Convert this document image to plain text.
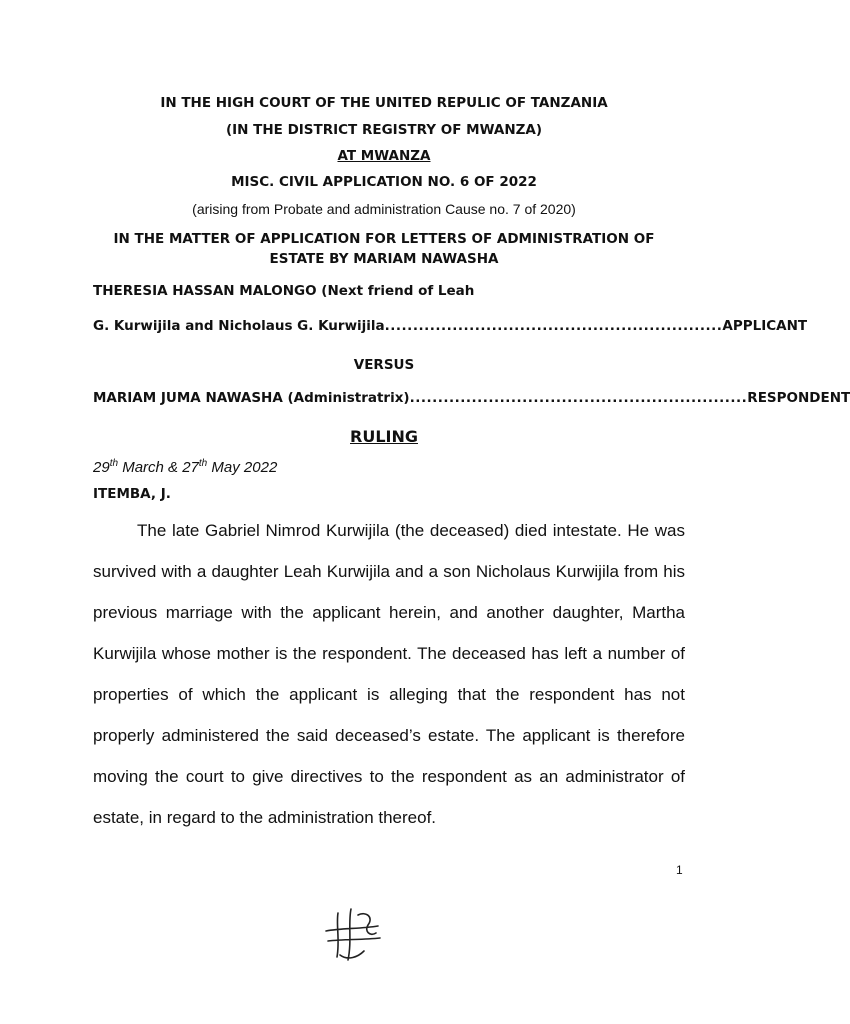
IN THE HIGH COURT OF THE UNITED REPULIC OF TANZANIA
(IN THE DISTRICT REGISTRY OF MWANZA)
AT MWANZA
MISC. CIVIL APPLICATION NO. 6 OF 2022
(arising from Probate and administration Cause no. 7 of 2020)
IN THE MATTER OF APPLICATION FOR LETTERS OF ADMINISTRATION OF
ESTATE BY MARIAM NAWASHA
THERESIA HASSAN MALONGO (Next friend of Leah
G. Kurwijila and Nicholaus G. Kurwijila ............................................................ APPLICANT
VERSUS
MARIAM JUMA NAWASHA (Administratrix) ............................................................ RESPONDENT
RULING
29th March & 27th May 2022
ITEMBA, J.

The late Gabriel Nimrod Kurwijila (the deceased) died intestate. He was survived with a daughter Leah Kurwijila and a son Nicholaus Kurwijila from his previous marriage with the applicant herein, and another daughter, Martha Kurwijila whose mother is the respondent. The deceased has left a number of properties of which the applicant is alleging that the respondent has not properly administered the said deceased’s estate. The applicant is therefore moving the court to give directives to the respondent as an administrator of estate, in regard to the administration thereof.

1
